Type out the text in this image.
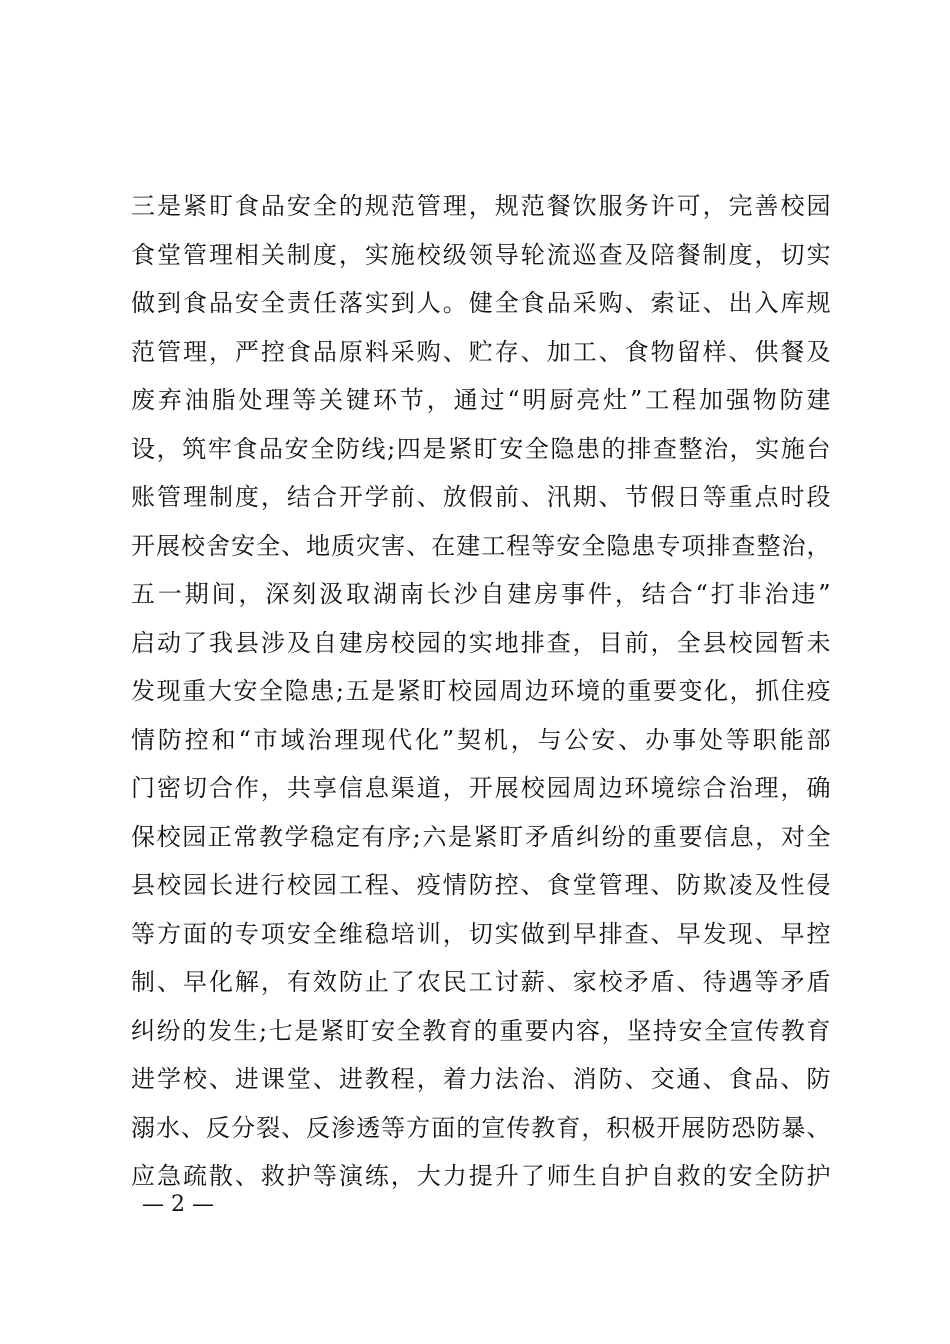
三是紧盯食品安全的规范管理，规范餐饮服务许可，完善校园
食堂管理相关制度，实施校级领导轮流巡查及陪餐制度，切实
做到食品安全责任落实到人。健全食品采购、索证、出入库规
范管理，严控食品原料采购、贮存、加工、食物留样、供餐及
废弃油脂处理等关键环节，通过“明厨亮灶”工程加强物防建
设，筑牢食品安全防线;四是紧盯安全隐患的排查整治，实施台
账管理制度，结合开学前、放假前、汛期、节假日等重点时段
开展校舍安全、地质灾害、在建工程等安全隐患专项排查整治，
五一期间，深刻汲取湖南长沙自建房事件，结合“打非治违”
启动了我县涉及自建房校园的实地排查，目前，全县校园暂未
发现重大安全隐患;五是紧盯校园周边环境的重要变化，抓住疫
情防控和“市域治理现代化”契机，与公安、办事处等职能部
门密切合作，共享信息渠道，开展校园周边环境综合治理，确
保校园正常教学稳定有序;六是紧盯矛盾纠纷的重要信息，对全
县校园长进行校园工程、疫情防控、食堂管理、防欺凌及性侵
等方面的专项安全维稳培训，切实做到早排查、早发现、早控
制、早化解，有效防止了农民工讨薪、家校矛盾、待遇等矛盾
纠纷的发生;七是紧盯安全教育的重要内容，坚持安全宣传教育
进学校、进课堂、进教程，着力法治、消防、交通、食品、防
溺水、反分裂、反渗透等方面的宣传教育，积极开展防恐防暴、
应急疏散、救护等演练，大力提升了师生自护自救的安全防护
— 2 —
